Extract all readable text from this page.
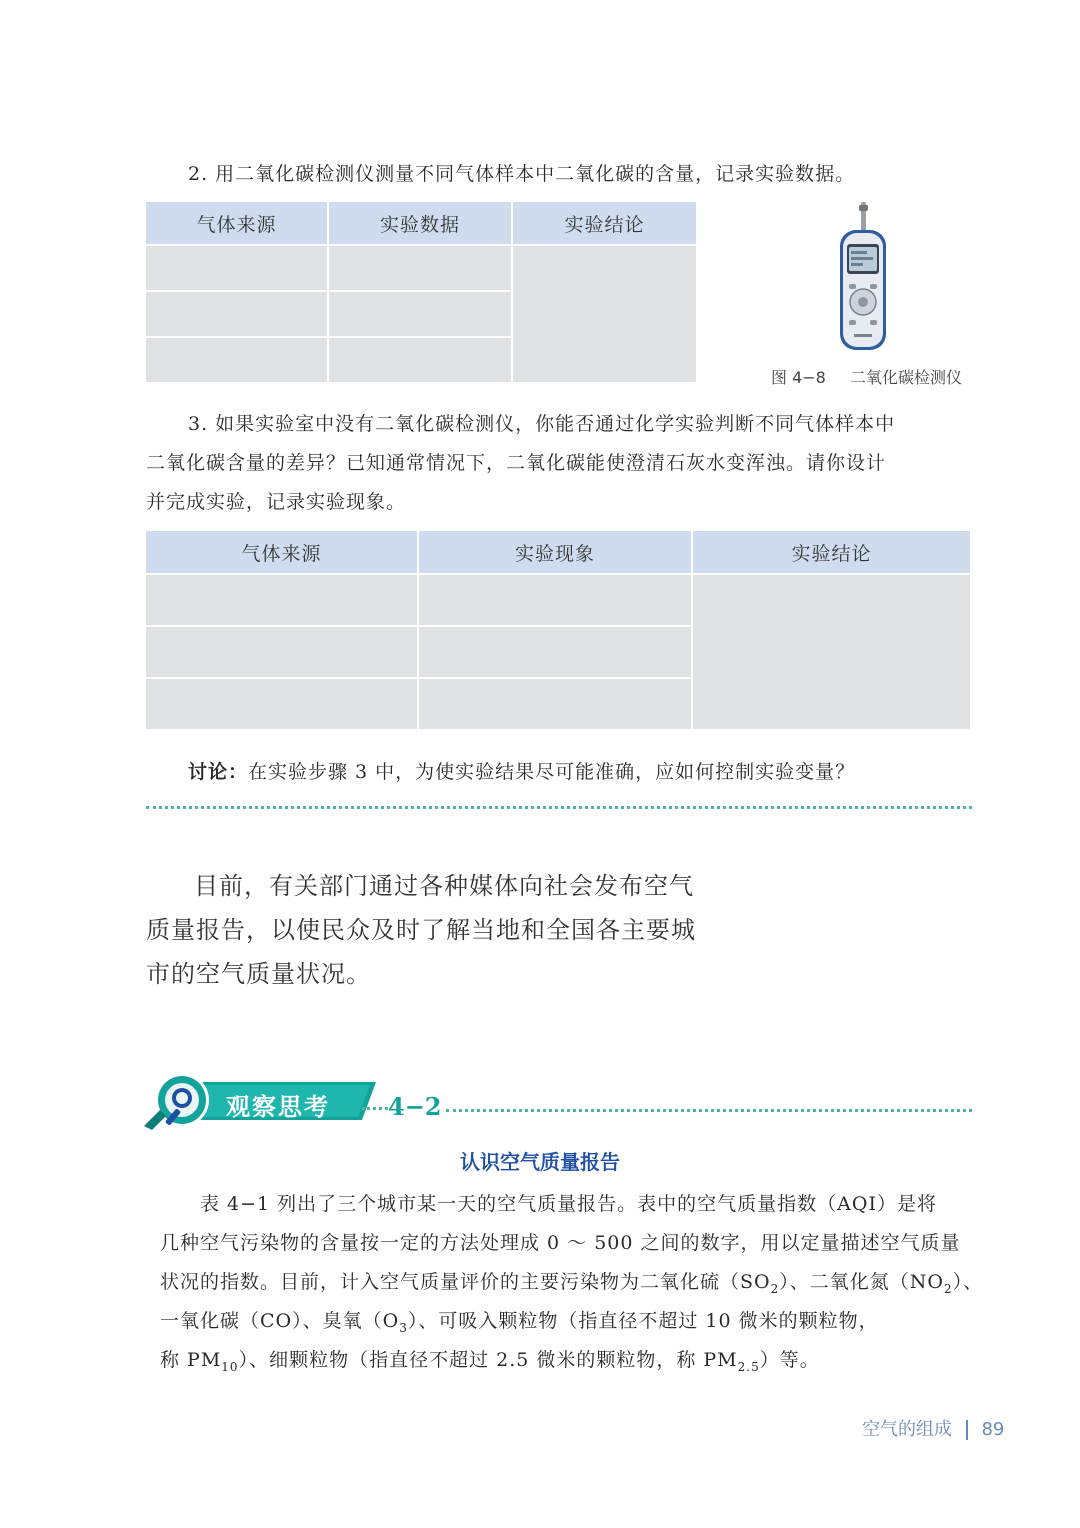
2. 用二氧化碳检测仪测量不同气体样本中二氧化碳的含量，记录实验数据。
气体来源	实验数据	实验结论

图 4−8 二氧化碳检测仪
3. 如果实验室中没有二氧化碳检测仪，你能否通过化学实验判断不同气体样本中
二氧化碳含量的差异？已知通常情况下，二氧化碳能使澄清石灰水变浑浊。请你设计
并完成实验，记录实验现象。
气体来源	实验现象	实验结论

讨论：在实验步骤 3 中，为使实验结果尽可能准确，应如何控制实验变量？
目前，有关部门通过各种媒体向社会发布空气
质量报告，以使民众及时了解当地和全国各主要城
市的空气质量状况。
观察思考 4−2
认识空气质量报告
表 4−1 列出了三个城市某一天的空气质量报告。表中的空气质量指数（AQI）是将
几种空气污染物的含量按一定的方法处理成 0 ～ 500 之间的数字，用以定量描述空气质量
状况的指数。目前，计入空气质量评价的主要污染物为二氧化硫$(SO_2)$、二氧化氮$(NO_2)$、
一氧化碳（CO）、臭氧$(O_3)$、可吸入颗粒物（指直径不超过 10 微米的颗粒物，
称 $PM_{10}$）、细颗粒物（指直径不超过 2.5 微米的颗粒物，称 $PM_{2.5}$）等。
空气的组成 89
